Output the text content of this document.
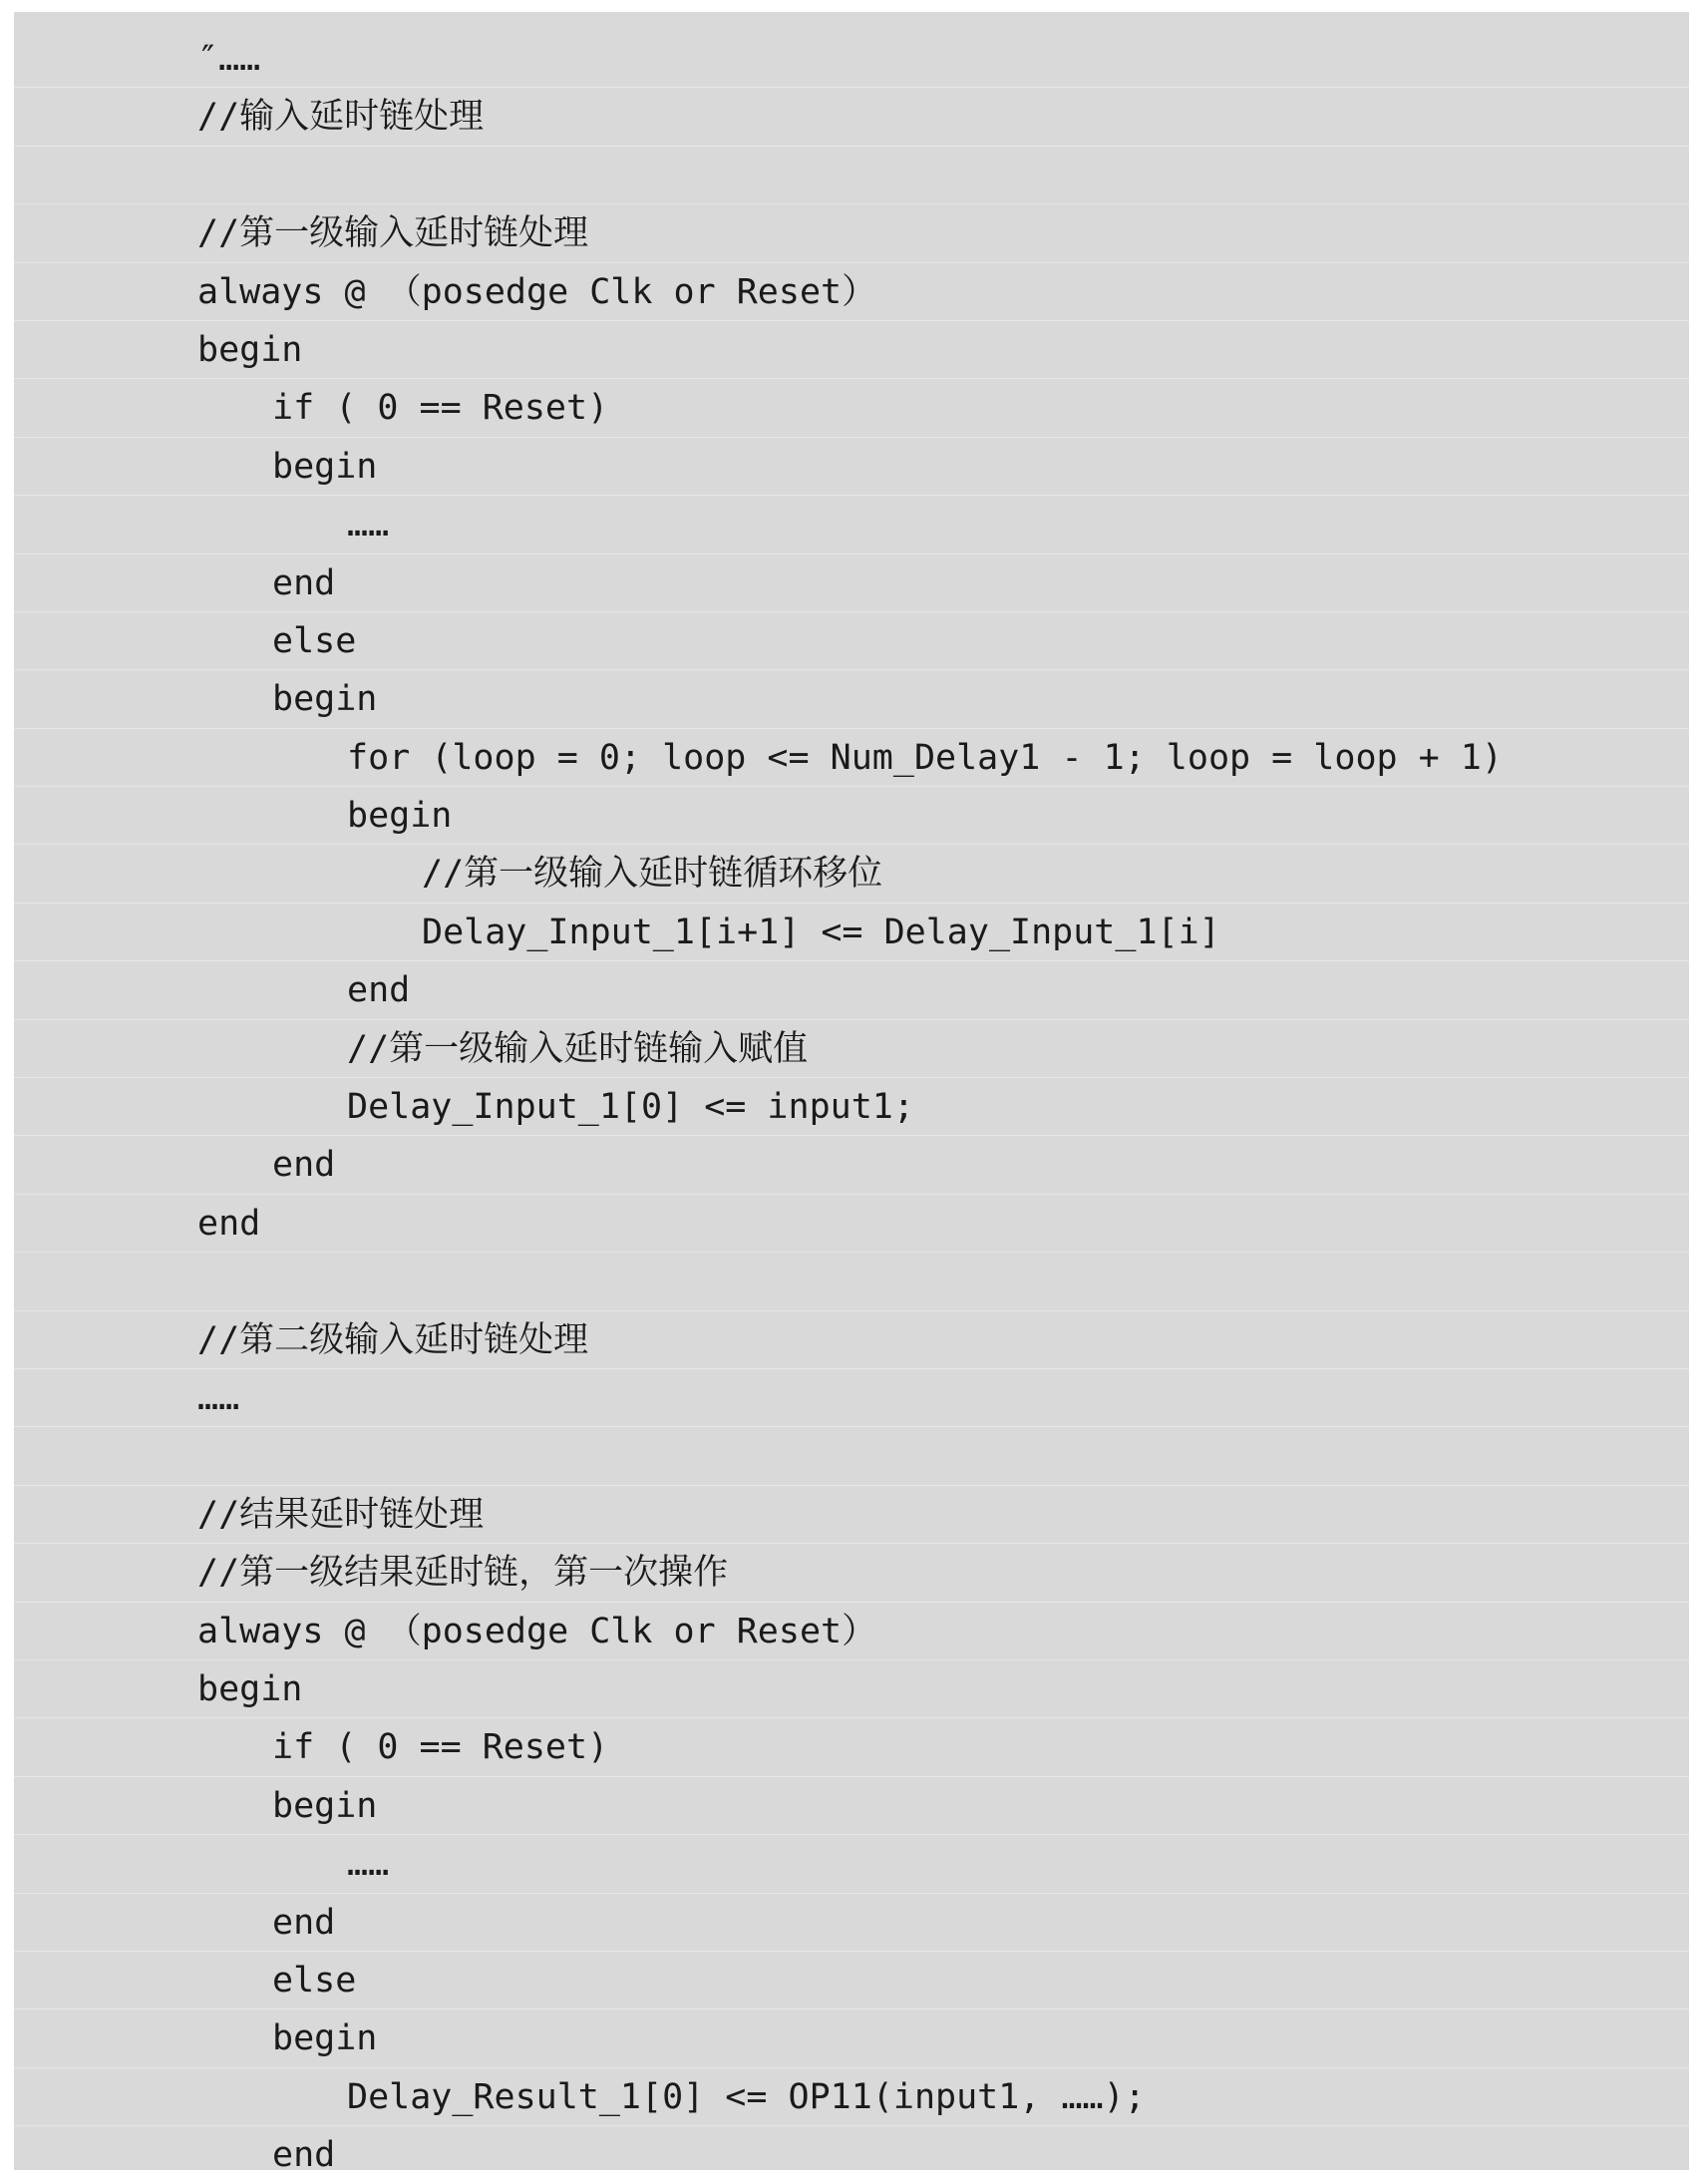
″……
//输入延时链处理
//第一级输入延时链处理
always @ （posedge Clk or Reset）
begin
if ( 0 == Reset)
begin
……
end
else
begin
for (loop = 0; loop <= Num_Delay1 - 1; loop = loop + 1)
begin
//第一级输入延时链循环移位
Delay_Input_1[i+1] <= Delay_Input_1[i]
end
//第一级输入延时链输入赋值
Delay_Input_1[0] <= input1;
end
end
//第二级输入延时链处理
……
//结果延时链处理
//第一级结果延时链，第一次操作
always @ （posedge Clk or Reset）
begin
if ( 0 == Reset)
begin
……
end
else
begin
Delay_Result_1[0] <= OP11(input1, ……);
end
